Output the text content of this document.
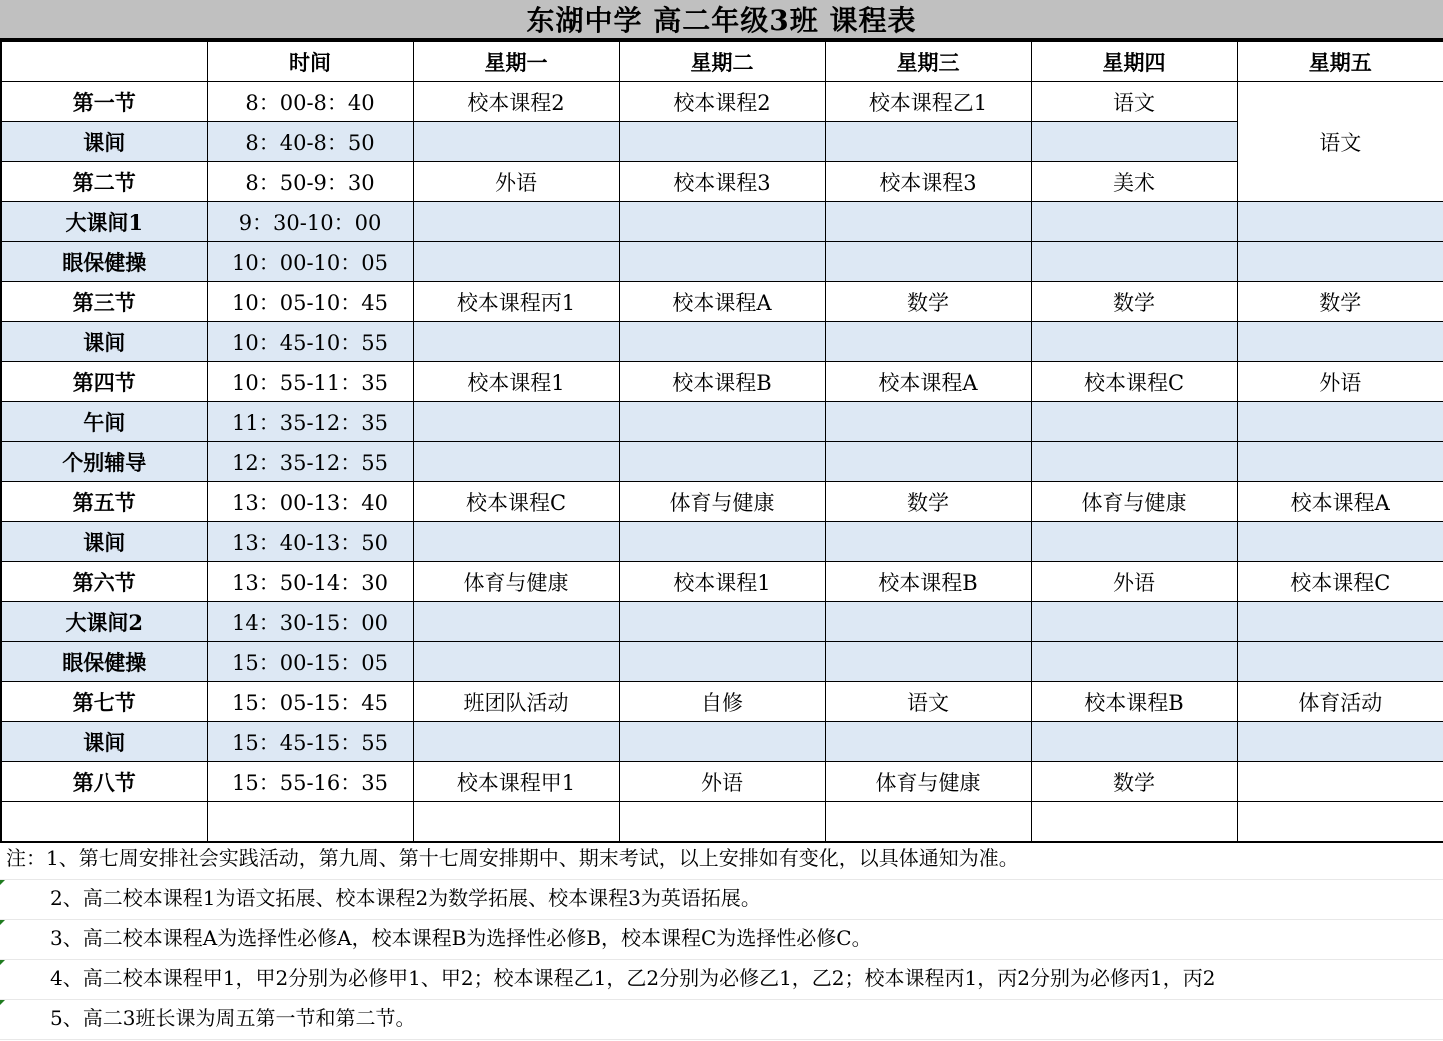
东湖中学 高二年级3班 课程表
	时间	星期一	星期二	星期三	星期四	星期五
第一节	8：00-8：40	校本课程2	校本课程2	校本课程乙1	语文	语文
课间	8：40-8：50					
第二节	8：50-9：30	外语	校本课程3	校本课程3	美术	
大课间1	9：30-10：00					
眼保健操	10：00-10：05					
第三节	10：05-10：45	校本课程丙1	校本课程A	数学	数学	数学
课间	10：45-10：55					
第四节	10：55-11：35	校本课程1	校本课程B	校本课程A	校本课程C	外语
午间	11：35-12：35					
个别辅导	12：35-12：55					
第五节	13：00-13：40	校本课程C	体育与健康	数学	体育与健康	校本课程A
课间	13：40-13：50					
第六节	13：50-14：30	体育与健康	校本课程1	校本课程B	外语	校本课程C
大课间2	14：30-15：00					
眼保健操	15：00-15：05					
第七节	15：05-15：45	班团队活动	自修	语文	校本课程B	体育活动
课间	15：45-15：55					
第八节	15：55-16：35	校本课程甲1	外语	体育与健康	数学	

注：1、第七周安排社会实践活动，第九周、第十七周安排期中、期末考试，以上安排如有变化，以具体通知为准。
2、高二校本课程1为语文拓展、校本课程2为数学拓展、校本课程3为英语拓展。
3、高二校本课程A为选择性必修A，校本课程B为选择性必修B，校本课程C为选择性必修C。
4、高二校本课程甲1，甲2分别为必修甲1、甲2；校本课程乙1，乙2分别为必修乙1，乙2；校本课程丙1，丙2分别为必修丙1，丙2
5、高二3班长课为周五第一节和第二节。
